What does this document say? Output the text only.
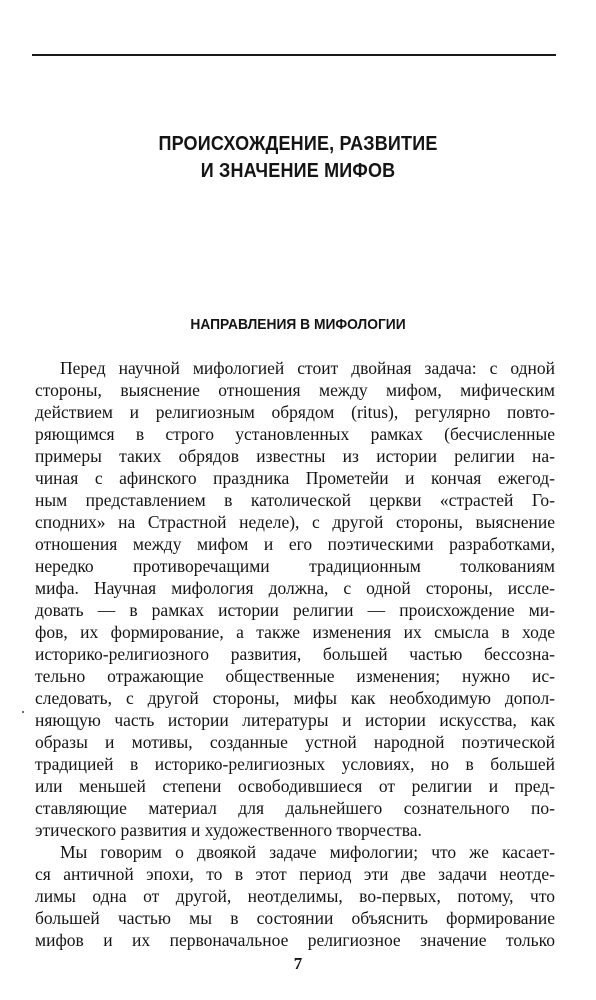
ПРОИСХОЖДЕНИЕ, РАЗВИТИЕ
И ЗНАЧЕНИЕ МИФОВ
НАПРАВЛЕНИЯ В МИФОЛОГИИ
Перед научной мифологией стоит двойная задача: с одной
стороны, выяснение отношения между мифом, мифическим
действием и религиозным обрядом (ritus), регулярно повто-
ряющимся в строго установленных рамках (бесчисленные
примеры таких обрядов известны из истории религии на-
чиная с афинского праздника Прометейи и кончая ежегод-
ным представлением в католической церкви «страстей Го-
сподних» на Страстной неделе), с другой стороны, выяснение
отношения между мифом и его поэтическими разработками,
нередко противоречащими традиционным толкованиям
мифа. Научная мифология должна, с одной стороны, иссле-
довать — в рамках истории религии — происхождение ми-
фов, их формирование, а также изменения их смысла в ходе
историко-религиозного развития, большей частью бессозна-
тельно отражающие общественные изменения; нужно ис-
следовать, с другой стороны, мифы как необходимую допол-
няющую часть истории литературы и истории искусства, как
образы и мотивы, созданные устной народной поэтической
традицией в историко-религиозных условиях, но в большей
или меньшей степени освободившиеся от религии и пред-
ставляющие материал для дальнейшего сознательного по-
этического развития и художественного творчества.
Мы говорим о двоякой задаче мифологии; что же касает-
ся античной эпохи, то в этот период эти две задачи неотде-
лимы одна от другой, неотделимы, во-первых, потому, что
большей частью мы в состоянии объяснить формирование
мифов и их первоначальное религиозное значение только
7
